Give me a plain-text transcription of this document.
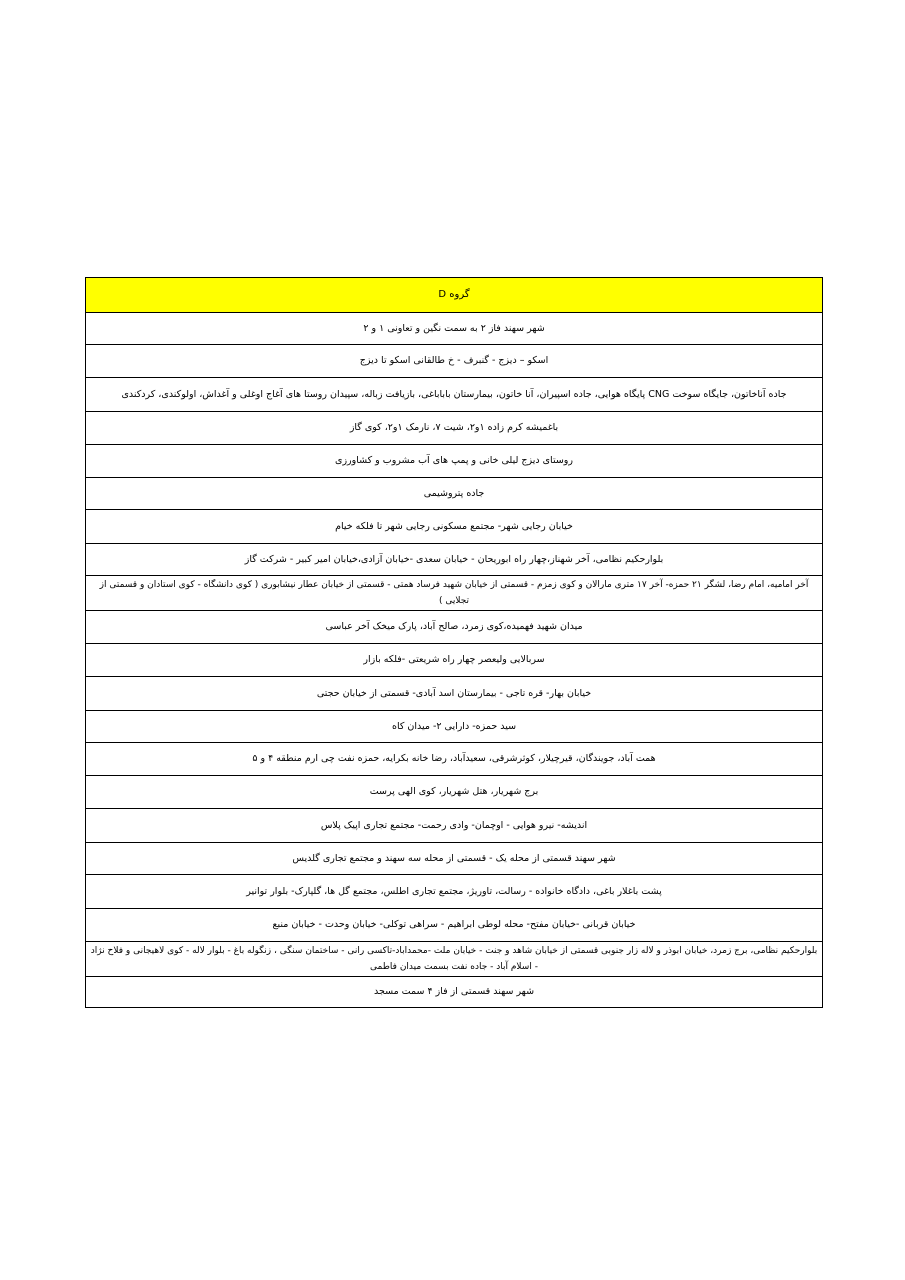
گروه D
شهر سهند فاز ۲ به سمت نگین و تعاونی ۱ و ۲
اسکو – دیزج - گنبرف - خ طالقانی اسکو تا دیزج
جاده آناخاتون، جایگاه سوخت CNG پایگاه هوایی، جاده اسپیران، آنا خاتون، بیمارستان باباباغی، بازیافت زباله، سپیدان روستا های آغاج اوغلی و آغداش، اولوکندی، کردکندی
باغمیشه کرم زاده ۱و۲، شیت ۷، نارمک ۱و۲، کوی گاز
روستای دیزج لیلی خانی و پمپ های آب مشروب و کشاورزی
جاده پتروشیمی
خیابان رجایی شهر- مجتمع مسکونی رجایی شهر تا فلکه خیام
بلوارحکیم نظامی، آخر شهناز،چهار راه ابوریحان - خیابان سعدی -خیابان آزادی،خیابان امیر کبیر - شرکت گاز
آخر امامیه، امام رضا، لشگر ۲۱ حمزه- آخر ۱۷ متری مارالان و کوی زمزم - قسمتی از خیابان شهید فرساد همتی - قسمتی از خیابان عطار نیشابوری ( کوی دانشگاه - کوی استادان و قسمتی از تجلایی )
میدان شهید فهمیده،کوی زمرد، صالح آباد، پارک میخک آخر عباسی
سربالایی ولیعصر چهار راه شریعتی -فلکه بازار
خیابان بهار- قره تاجی - بیمارستان اسد آبادی- قسمتی از خیابان حجتی
سید حمزه- دارایی ۲- میدان کاه
همت آباد، جویندگان، قیرچیلار، کوثرشرقی، سعیدآباد، رضا خانه بکرایه، حمزه نفت چی ارم منطقه ۴ و ۵
برج شهریار، هتل شهریار، کوی الهی پرست
اندیشه- نیرو هوایی - اوچمان- وادی رحمت- مجتمع تجاری اپیک پلاس
شهر سهند قسمتی از محله یک - قسمتی از محله سه سهند و مجتمع تجاری گلدیس
پشت باغلار باغی، دادگاه خانواده - رسالت، تاوریژ، مجتمع تجاری اطلس، مجتمع گل ها، گلپارک- بلوار توانیر
خیابان قربانی -خیابان مفتح- محله لوطی ابراهیم - سراهی توکلی- خیابان وحدت - خیابان منبع
بلوارحکیم نظامی، برج زمرد، خیابان ابوذر و لاله زار جنوبی قسمتی از خیابان شاهد و جنت - خیابان ملت -محمداباد-تاکسی رانی - ساختمان سنگی ، زنگوله باغ - بلوار لاله - کوی لاهیجانی و فلاح نژاد - اسلام آباد - جاده نفت بسمت میدان فاطمی
شهر سهند قسمتی از فاز ۴ سمت مسجد
